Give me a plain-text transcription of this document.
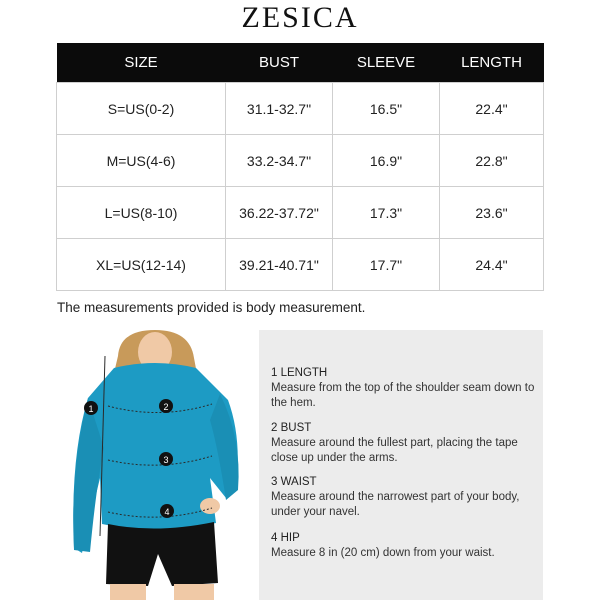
ZESICA
SIZE	BUST	SLEEVE	LENGTH
S=US(0-2)	31.1-32.7"	16.5"	22.4"
M=US(4-6)	33.2-34.7"	16.9"	22.8"
L=US(8-10)	36.22-37.72"	17.3"	23.6"
XL=US(12-14)	39.21-40.71"	17.7"	24.4"
The measurements provided is body measurement.
1	2
3
4
1 LENGTH
Measure from the top of the shoulder seam down to the hem.
2 BUST
Measure around the fullest part, placing the tape close up under the arms.
3 WAIST
Measure around the narrowest part of your body, under your navel.
4 HIP
Measure 8 in (20 cm) down from your waist.
